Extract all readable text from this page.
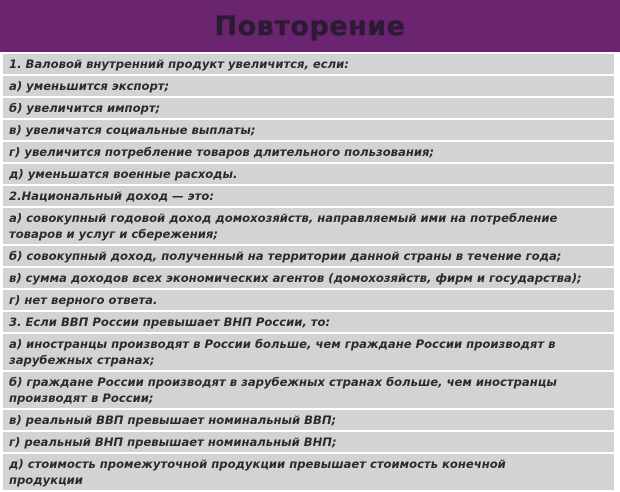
Повторение
1. Валовой внутренний продукт увеличится, если:
а) уменьшится экспорт;
б) увеличится импорт;
в) увеличатся социальные выплаты;
г) увеличится потребление товаров длительного пользования;
д) уменьшатся военные расходы.
2.Национальный доход — это:
а) совокупный годовой доход домохозяйств, направляемый ими на потребление
товаров и услуг и сбережения;
б) совокупный доход, полученный на территории данной страны в течение года;
в) сумма доходов всех экономических агентов (домохозяйств, фирм и государства);
г) нет верного ответа.
3. Если ВВП России превышает ВНП России, то:
а) иностранцы производят в России больше, чем граждане России производят в
зарубежных странах;
б) граждане России производят в зарубежных странах больше, чем иностранцы
производят в России;
в) реальный ВВП превышает номинальный ВВП;
г) реальный ВНП превышает номинальный ВНП;
д) стоимость промежуточной продукции превышает стоимость конечной
продукции
